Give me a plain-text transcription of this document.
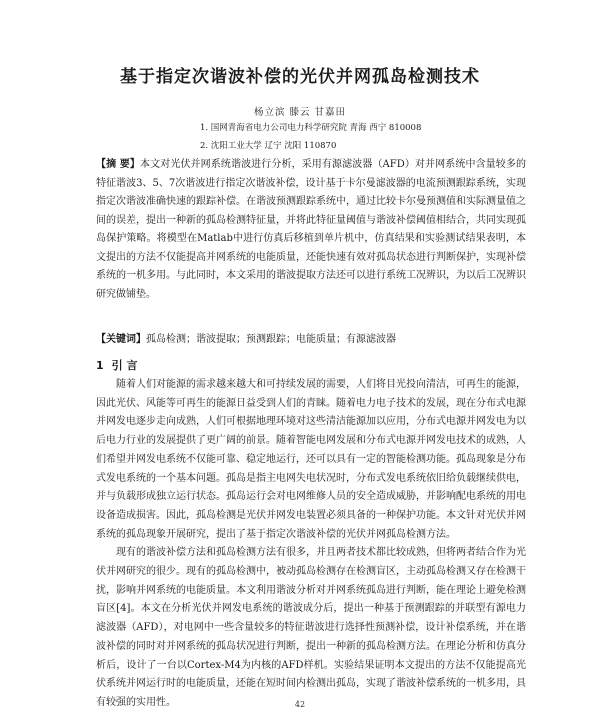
基于指定次谐波补偿的光伏并网孤岛检测技术
杨立滨 滕云 甘嘉田
1. 国网青海省电力公司电力科学研究院 青海 西宁 810008
2. 沈阳工业大学 辽宁 沈阳 110870
【摘 要】本文对光伏并网系统谐波进行分析，采用有源滤波器（AFD）对并网系统中含量较多的特征谐波3、5、7次谐波进行指定次谐波补偿，设计基于卡尔曼滤波器的电流预测跟踪系统，实现指定次谐波准确快速的跟踪补偿。在谐波预测跟踪系统中，通过比较卡尔曼预测值和实际测量值之间的误差，提出一种新的孤岛检测特征量，并将此特征量阈值与谐波补偿阈值相结合，共同实现孤岛保护策略。将模型在Matlab中进行仿真后移植到单片机中，仿真结果和实验测试结果表明，本文提出的方法不仅能提高并网系统的电能质量，还能快速有效对孤岛状态进行判断保护，实现补偿系统的一机多用。与此同时，本文采用的谐波提取方法还可以进行系统工况辨识，为以后工况辨识研究做铺垫。
【关键词】孤岛检测；谐波提取；预测跟踪；电能质量；有源滤波器
1 引 言

随着人们对能源的需求越来越大和可持续发展的需要，人们将目光投向清洁，可再生的能源，因此光伏、风能等可再生的能源日益受到人们的青睐。随着电力电子技术的发展，现在分布式电源并网发电逐步走向成熟，人们可根据地理环境对这些清洁能源加以应用，分布式电源并网发电为以后电力行业的发展提供了更广阔的前景。随着智能电网发展和分布式电源并网发电技术的成熟，人们希望并网发电系统不仅能可靠、稳定地运行，还可以具有一定的智能检测功能。孤岛现象是分布式发电系统的一个基本问题。孤岛是指主电网失电状况时，分布式发电系统依旧给负载继续供电，并与负载形成独立运行状态。孤岛运行会对电网维修人员的安全造成威胁，并影响配电系统的用电设备造成损害。因此，孤岛检测是光伏并网发电装置必须具备的一种保护功能。本文针对光伏并网系统的孤岛现象开展研究，提出了基于指定次谐波补偿的光伏并网孤岛检测方法。

现有的谐波补偿方法和孤岛检测方法有很多，并且两者技术都比较成熟，但将两者结合作为光伏并网研究的很少。现有的孤岛检测中，被动孤岛检测存在检测盲区，主动孤岛检测又存在检测干扰，影响并网系统的电能质量。本文利用谐波分析对并网系统孤岛进行判断，能在理论上避免检测盲区[4]。本文在分析光伏并网发电系统的谐波成分后，提出一种基于预测跟踪的并联型有源电力滤波器（AFD），对电网中一些含量较多的特征谐波进行选择性预测补偿，设计补偿系统，并在谐波补偿的同时对并网系统的孤岛状况进行判断，提出一种新的孤岛检测方法。在理论分析和仿真分析后，设计了一台以Cortex-M4为内核的AFD样机。实验结果证明本文提出的方法不仅能提高光伏系统并网运行时的电能质量，还能在短时间内检测出孤岛，实现了谐波补偿系统的一机多用，具有较强的实用性。	42
